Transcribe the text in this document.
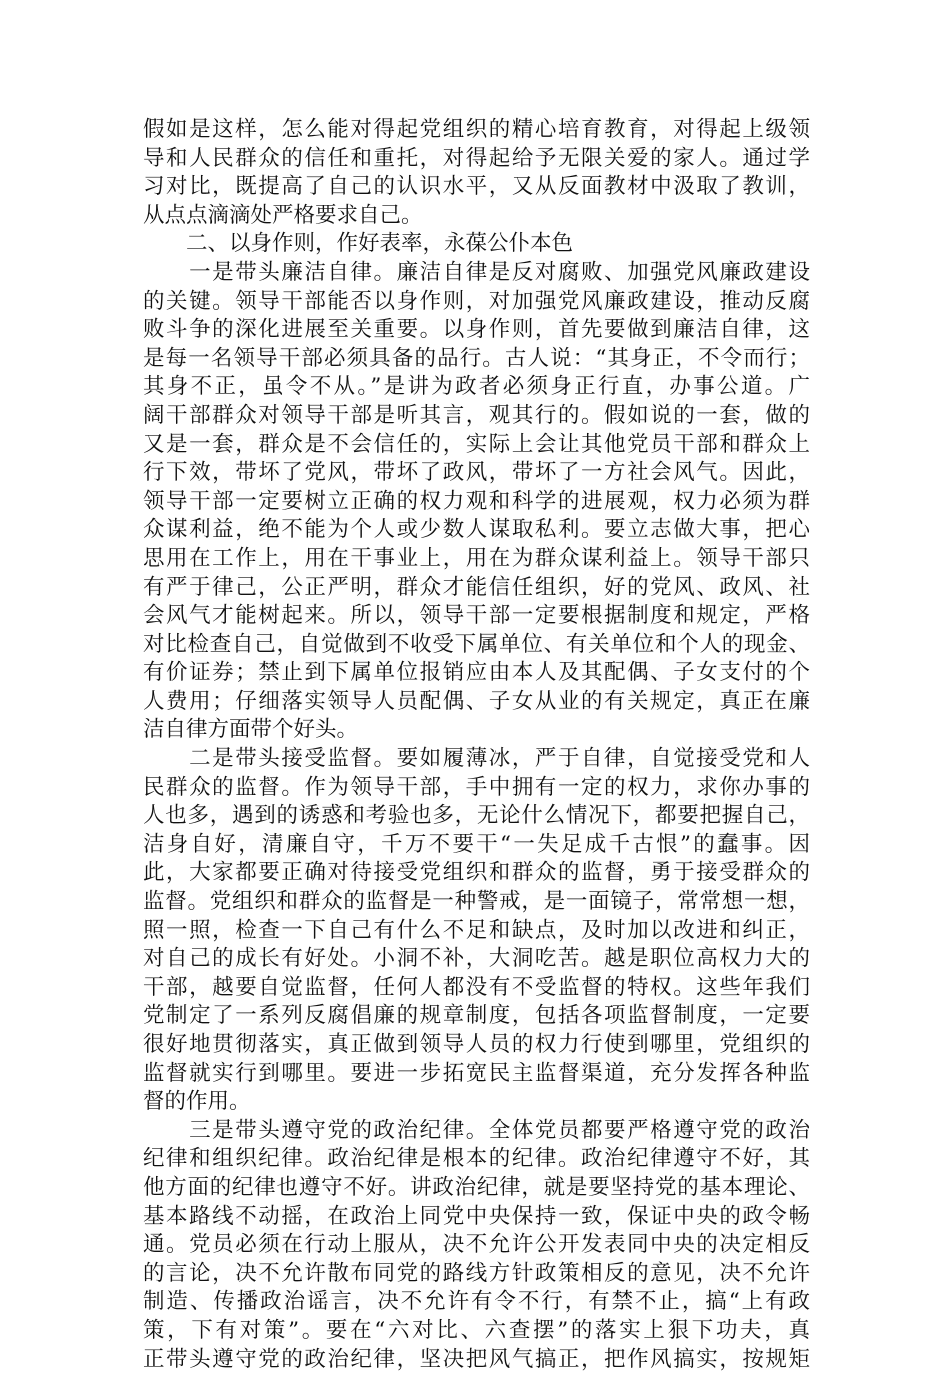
假如是这样，怎么能对得起党组织的精心培育教育，对得起上级领
导和人民群众的信任和重托，对得起给予无限关爱的家人。通过学
习对比，既提高了自己的认识水平，又从反面教材中汲取了教训，
从点点滴滴处严格要求自己。
　　二、以身作则，作好表率，永葆公仆本色
　　一是带头廉洁自律。廉洁自律是反对腐败、加强党风廉政建设
的关键。领导干部能否以身作则，对加强党风廉政建设，推动反腐
败斗争的深化进展至关重要。以身作则，首先要做到廉洁自律，这
是每一名领导干部必须具备的品行。古人说：“其身正，不令而行；
其身不正，虽令不从。”是讲为政者必须身正行直，办事公道。广
阔干部群众对领导干部是听其言，观其行的。假如说的一套，做的
又是一套，群众是不会信任的，实际上会让其他党员干部和群众上
行下效，带坏了党风，带坏了政风，带坏了一方社会风气。因此，
领导干部一定要树立正确的权力观和科学的进展观，权力必须为群
众谋利益，绝不能为个人或少数人谋取私利。要立志做大事，把心
思用在工作上，用在干事业上，用在为群众谋利益上。领导干部只
有严于律己，公正严明，群众才能信任组织，好的党风、政风、社
会风气才能树起来。所以，领导干部一定要根据制度和规定，严格
对比检查自己，自觉做到不收受下属单位、有关单位和个人的现金、
有价证券；禁止到下属单位报销应由本人及其配偶、子女支付的个
人费用；仔细落实领导人员配偶、子女从业的有关规定，真正在廉
洁自律方面带个好头。
　　二是带头接受监督。要如履薄冰，严于自律，自觉接受党和人
民群众的监督。作为领导干部，手中拥有一定的权力，求你办事的
人也多，遇到的诱惑和考验也多，无论什么情况下，都要把握自己，
洁身自好，清廉自守，千万不要干“一失足成千古恨”的蠢事。因
此，大家都要正确对待接受党组织和群众的监督，勇于接受群众的
监督。党组织和群众的监督是一种警戒，是一面镜子，常常想一想，
照一照，检查一下自己有什么不足和缺点，及时加以改进和纠正，
对自己的成长有好处。小洞不补，大洞吃苦。越是职位高权力大的
干部，越要自觉监督，任何人都没有不受监督的特权。这些年我们
党制定了一系列反腐倡廉的规章制度，包括各项监督制度，一定要
很好地贯彻落实，真正做到领导人员的权力行使到哪里，党组织的
监督就实行到哪里。要进一步拓宽民主监督渠道，充分发挥各种监
督的作用。
　　三是带头遵守党的政治纪律。全体党员都要严格遵守党的政治
纪律和组织纪律。政治纪律是根本的纪律。政治纪律遵守不好，其
他方面的纪律也遵守不好。讲政治纪律，就是要坚持党的基本理论、
基本路线不动摇，在政治上同党中央保持一致，保证中央的政令畅
通。党员必须在行动上服从，决不允许公开发表同中央的决定相反
的言论，决不允许散布同党的路线方针政策相反的意见，决不允许
制造、传播政治谣言，决不允许有令不行，有禁不止，搞“上有政
策，下有对策”。要在“六对比、六查摆”的落实上狠下功夫，真
正带头遵守党的政治纪律，坚决把风气搞正，把作风搞实，按规矩
